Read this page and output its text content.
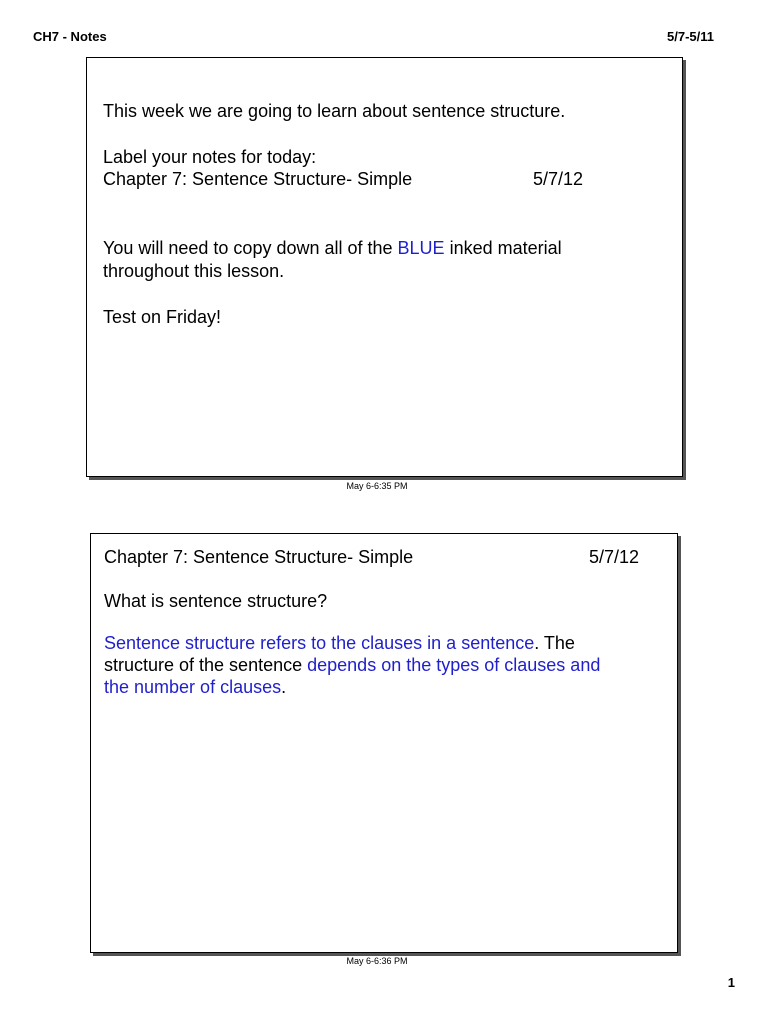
CH7 - Notes	5/7-5/11
This week we are going to learn about sentence structure.
Label your notes for today:
Chapter 7: Sentence Structure- Simple	5/7/12
You will need to copy down all of the BLUE inked material
throughout this lesson.
Test on Friday!
May 6-6:35 PM
Chapter 7: Sentence Structure- Simple	5/7/12
What is sentence structure?
Sentence structure refers to the clauses in a sentence. The
structure of the sentence depends on the types of clauses and
the number of clauses.
May 6-6:36 PM
1
